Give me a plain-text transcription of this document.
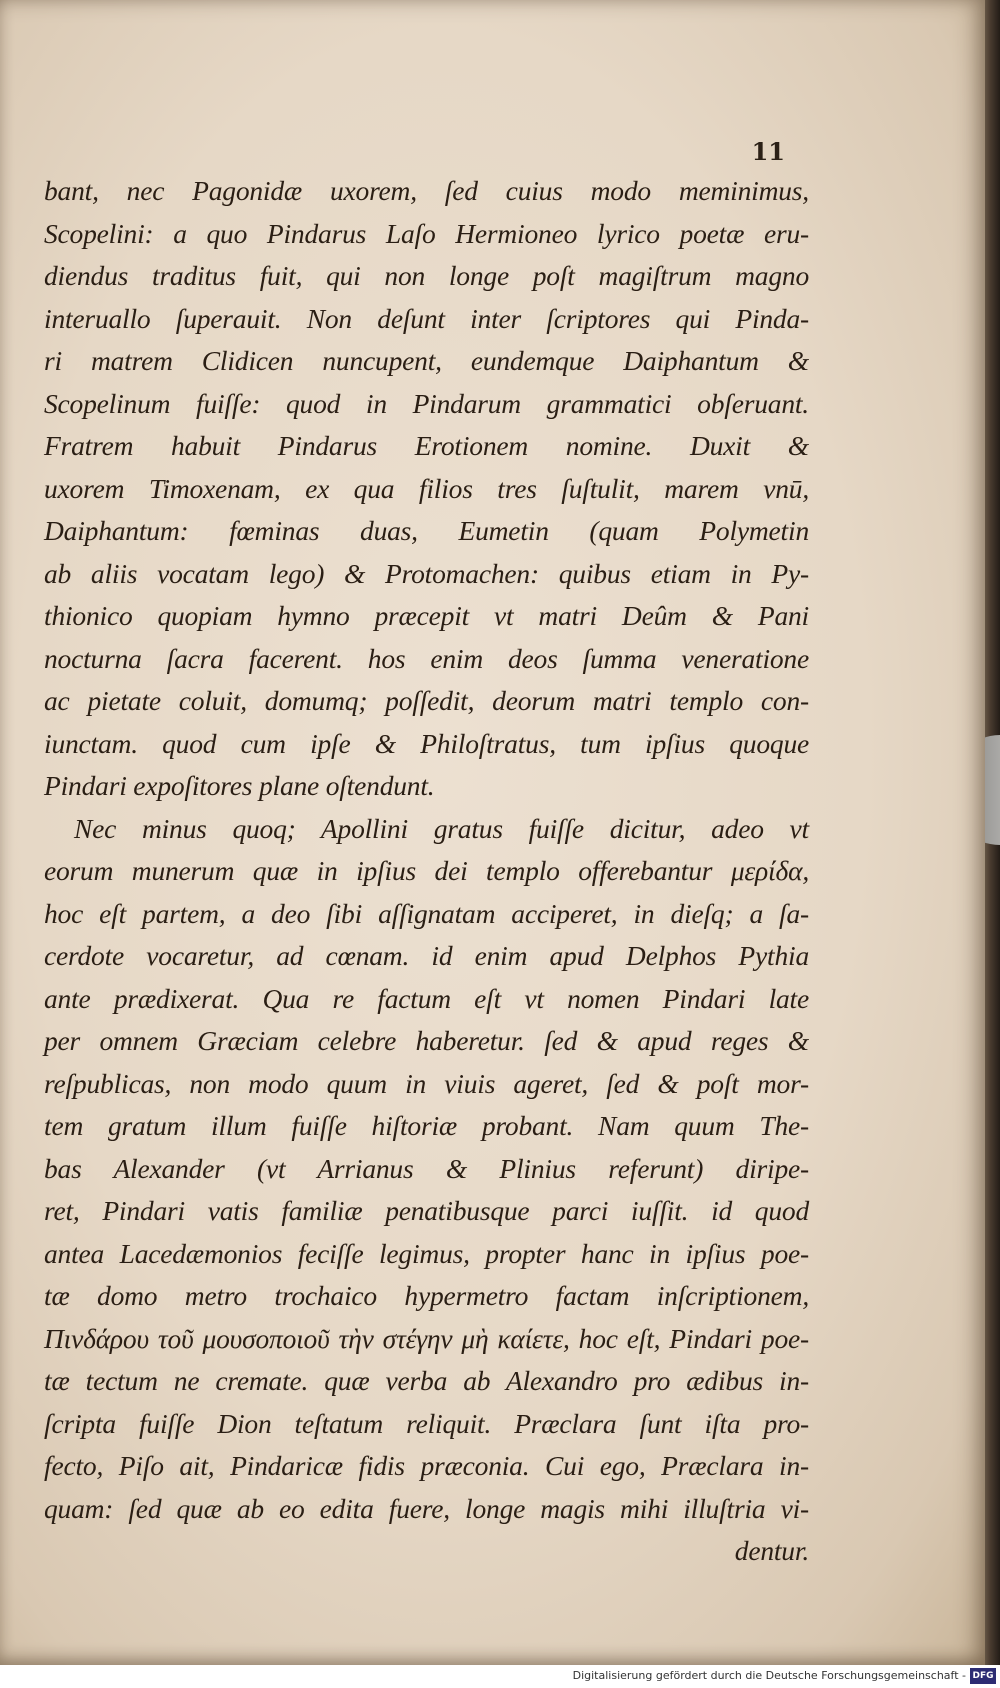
11
bant, nec Pagonidæ uxorem, ſed cuius modo meminimus,
Scopelini: a quo Pindarus Laſo Hermioneo lyrico poetæ eru-
diendus traditus fuit, qui non longe poſt magiſtrum magno
interuallo ſuperauit. Non deſunt inter ſcriptores qui Pinda-
ri matrem Clidicen nuncupent, eundemque Daiphantum &
Scopelinum fuiſſe: quod in Pindarum grammatici obſeruant.
Fratrem habuit Pindarus Erotionem nomine. Duxit &
uxorem Timoxenam, ex qua filios tres ſuſtulit, marem vnū,
Daiphantum: fœminas duas, Eumetin (quam Polymetin
ab aliis vocatam lego) & Protomachen: quibus etiam in Py-
thionico quopiam hymno præcepit vt matri Deûm & Pani
nocturna ſacra facerent. hos enim deos ſumma veneratione
ac pietate coluit, domumq; poſſedit, deorum matri templo con-
iunctam. quod cum ipſe & Philoſtratus, tum ipſius quoque
Pindari expoſitores plane oſtendunt.
Nec minus quoq; Apollini gratus fuiſſe dicitur, adeo vt
eorum munerum quæ in ipſius dei templo offerebantur μερίδα,
hoc eſt partem, a deo ſibi aſſignatam acciperet, in dieſq; a ſa-
cerdote vocaretur, ad cœnam. id enim apud Delphos Pythia
ante prædixerat. Qua re factum eſt vt nomen Pindari late
per omnem Græciam celebre haberetur. ſed & apud reges &
reſpublicas, non modo quum in viuis ageret, ſed & poſt mor-
tem gratum illum fuiſſe hiſtoriæ probant. Nam quum The-
bas Alexander (vt Arrianus & Plinius referunt) diripe-
ret, Pindari vatis familiæ penatibusque parci iuſſit. id quod
antea Lacedæmonios feciſſe legimus, propter hanc in ipſius poe-
tæ domo metro trochaico hypermetro factam inſcriptionem,
Πινδάρου τοῦ μουσοποιοῦ τὴν στέγην μὴ καίετε, hoc eſt, Pindari poe-
tæ tectum ne cremate. quæ verba ab Alexandro pro ædibus in-
ſcripta fuiſſe Dion teſtatum reliquit. Præclara ſunt iſta pro-
fecto, Piſo ait, Pindaricæ fidis præconia. Cui ego, Præclara in-
quam: ſed quæ ab eo edita fuere, longe magis mihi illuſtria vi-
dentur.
Digitalisierung gefördert durch die Deutsche Forschungsgemeinschaft - DFG
